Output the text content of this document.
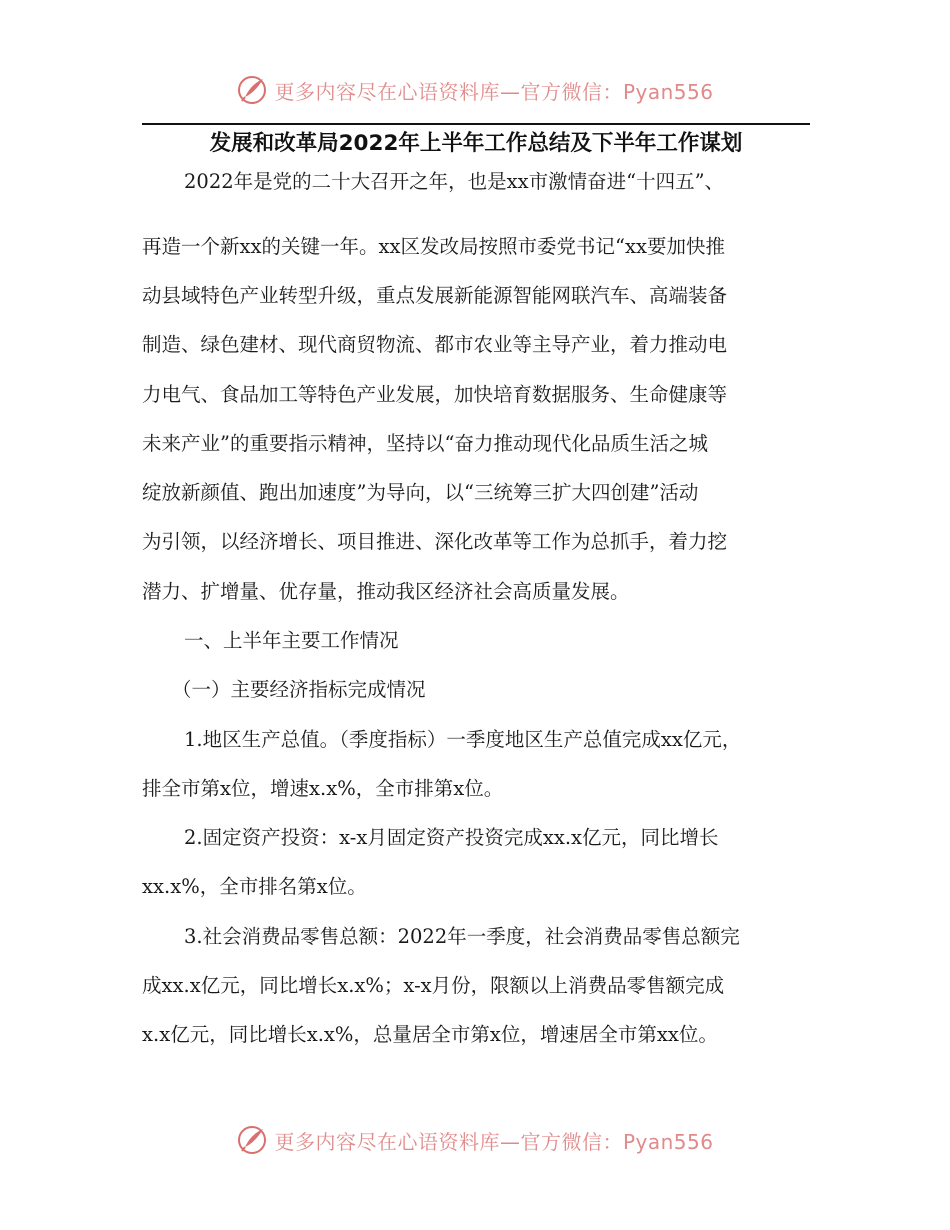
更多内容尽在心语资料库—官方微信：Pyan556
发展和改革局2022年上半年工作总结及下半年工作谋划
2022年是党的二十大召开之年，也是xx市激情奋进“十四五”、
再造一个新xx的关键一年。xx区发改局按照市委党书记“xx要加快推
动县域特色产业转型升级，重点发展新能源智能网联汽车、高端装备
制造、绿色建材、现代商贸物流、都市农业等主导产业，着力推动电
力电气、食品加工等特色产业发展，加快培育数据服务、生命健康等
未来产业”的重要指示精神，坚持以“奋力推动现代化品质生活之城
绽放新颜值、跑出加速度”为导向，以“三统筹三扩大四创建”活动
为引领，以经济增长、项目推进、深化改革等工作为总抓手，着力挖
潜力、扩增量、优存量，推动我区经济社会高质量发展。
一、上半年主要工作情况
（一）主要经济指标完成情况
1.地区生产总值。（季度指标）一季度地区生产总值完成xx亿元，
排全市第x位，增速x.x%，全市排第x位。
2.固定资产投资：x-x月固定资产投资完成xx.x亿元，同比增长
xx.x%，全市排名第x位。
3.社会消费品零售总额：2022年一季度，社会消费品零售总额完
成xx.x亿元，同比增长x.x%；x-x月份，限额以上消费品零售额完成
x.x亿元，同比增长x.x%，总量居全市第x位，增速居全市第xx位。
更多内容尽在心语资料库—官方微信：Pyan556
